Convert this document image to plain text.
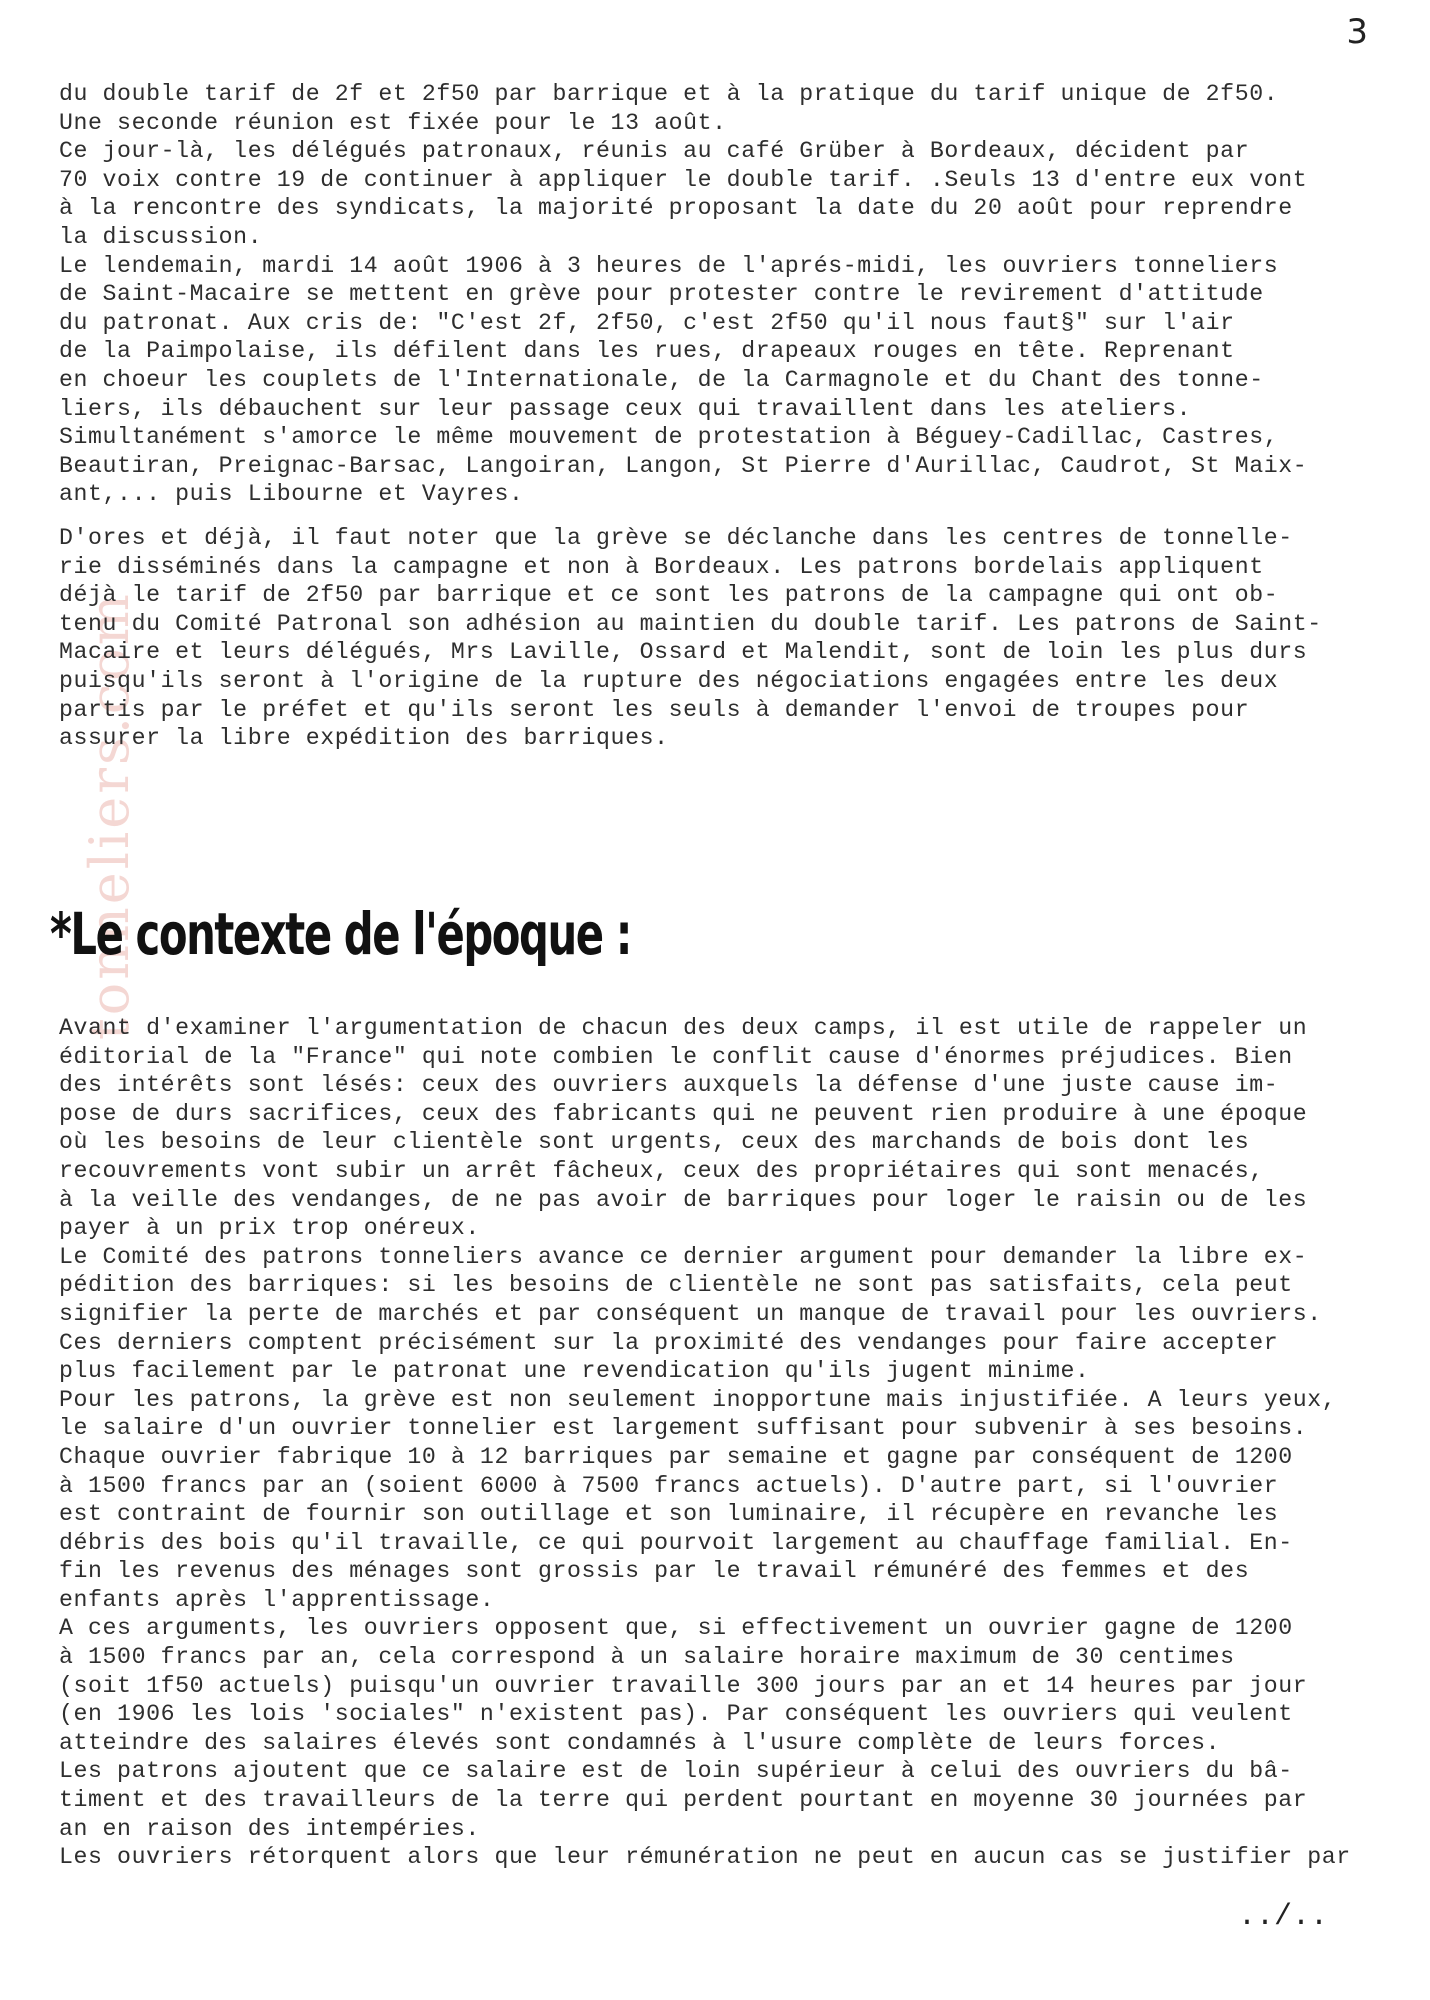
3
tonneliers.com
du double tarif de 2f et 2f50 par barrique et à la pratique du tarif unique de 2f50.
Une seconde réunion est fixée pour le 13 août.
Ce jour-là, les délégués patronaux, réunis au café Grüber à Bordeaux, décident par
70 voix contre 19 de continuer à appliquer le double tarif. .Seuls 13 d'entre eux vont
à la rencontre des syndicats, la majorité proposant la date du 20 août pour reprendre
la discussion.
Le lendemain, mardi 14 août 1906 à 3 heures de l'aprés-midi, les ouvriers tonneliers
de Saint-Macaire se mettent en grève pour protester contre le revirement d'attitude
du patronat. Aux cris de: "C'est 2f, 2f50, c'est 2f50 qu'il nous faut§" sur l'air
de la Paimpolaise, ils défilent dans les rues, drapeaux rouges en tête. Reprenant
en choeur les couplets de l'Internationale, de la Carmagnole et du Chant des tonne-
liers, ils débauchent sur leur passage ceux qui travaillent dans les ateliers.
Simultanément s'amorce le même mouvement de protestation à Béguey-Cadillac, Castres,
Beautiran, Preignac-Barsac, Langoiran, Langon, St Pierre d'Aurillac, Caudrot, St Maix-
ant,... puis Libourne et Vayres.
D'ores et déjà, il faut noter que la grève se déclanche dans les centres de tonnelle-
rie disséminés dans la campagne et non à Bordeaux. Les patrons bordelais appliquent
déjà le tarif de 2f50 par barrique et ce sont les patrons de la campagne qui ont ob-
tenu du Comité Patronal son adhésion au maintien du double tarif. Les patrons de Saint-
Macaire et leurs délégués, Mrs Laville, Ossard et Malendit, sont de loin les plus durs
puisqu'ils seront à l'origine de la rupture des négociations engagées entre les deux
partis par le préfet et qu'ils seront les seuls à demander l'envoi de troupes pour
assurer la libre expédition des barriques.
*Le contexte de l'époque :
Avant d'examiner l'argumentation de chacun des deux camps, il est utile de rappeler un
éditorial de la "France" qui note combien le conflit cause d'énormes préjudices. Bien
des intérêts sont lésés: ceux des ouvriers auxquels la défense d'une juste cause im-
pose de durs sacrifices, ceux des fabricants qui ne peuvent rien produire à une époque
où les besoins de leur clientèle sont urgents, ceux des marchands de bois dont les
recouvrements vont subir un arrêt fâcheux, ceux des propriétaires qui sont menacés,
à la veille des vendanges, de ne pas avoir de barriques pour loger le raisin ou de les
payer à un prix trop onéreux.
Le Comité des patrons tonneliers avance ce dernier argument pour demander la libre ex-
pédition des barriques: si les besoins de clientèle ne sont pas satisfaits, cela peut
signifier la perte de marchés et par conséquent un manque de travail pour les ouvriers.
Ces derniers comptent précisément sur la proximité des vendanges pour faire accepter
plus facilement par le patronat une revendication qu'ils jugent minime.
Pour les patrons, la grève est non seulement inopportune mais injustifiée. A leurs yeux,
le salaire d'un ouvrier tonnelier est largement suffisant pour subvenir à ses besoins.
Chaque ouvrier fabrique 10 à 12 barriques par semaine et gagne par conséquent de 1200
à 1500 francs par an (soient 6000 à 7500 francs actuels). D'autre part, si l'ouvrier
est contraint de fournir son outillage et son luminaire, il récupère en revanche les
débris des bois qu'il travaille, ce qui pourvoit largement au chauffage familial. En-
fin les revenus des ménages sont grossis par le travail rémunéré des femmes et des
enfants après l'apprentissage.
A ces arguments, les ouvriers opposent que, si effectivement un ouvrier gagne de 1200
à 1500 francs par an, cela correspond à un salaire horaire maximum de 30 centimes
(soit 1f50 actuels) puisqu'un ouvrier travaille 300 jours par an et 14 heures par jour
(en 1906 les lois 'sociales" n'existent pas). Par conséquent les ouvriers qui veulent
atteindre des salaires élevés sont condamnés à l'usure complète de leurs forces.
Les patrons ajoutent que ce salaire est de loin supérieur à celui des ouvriers du bâ-
timent et des travailleurs de la terre qui perdent pourtant en moyenne 30 journées par
an en raison des intempéries.
Les ouvriers rétorquent alors que leur rémunération ne peut en aucun cas se justifier par
../..
